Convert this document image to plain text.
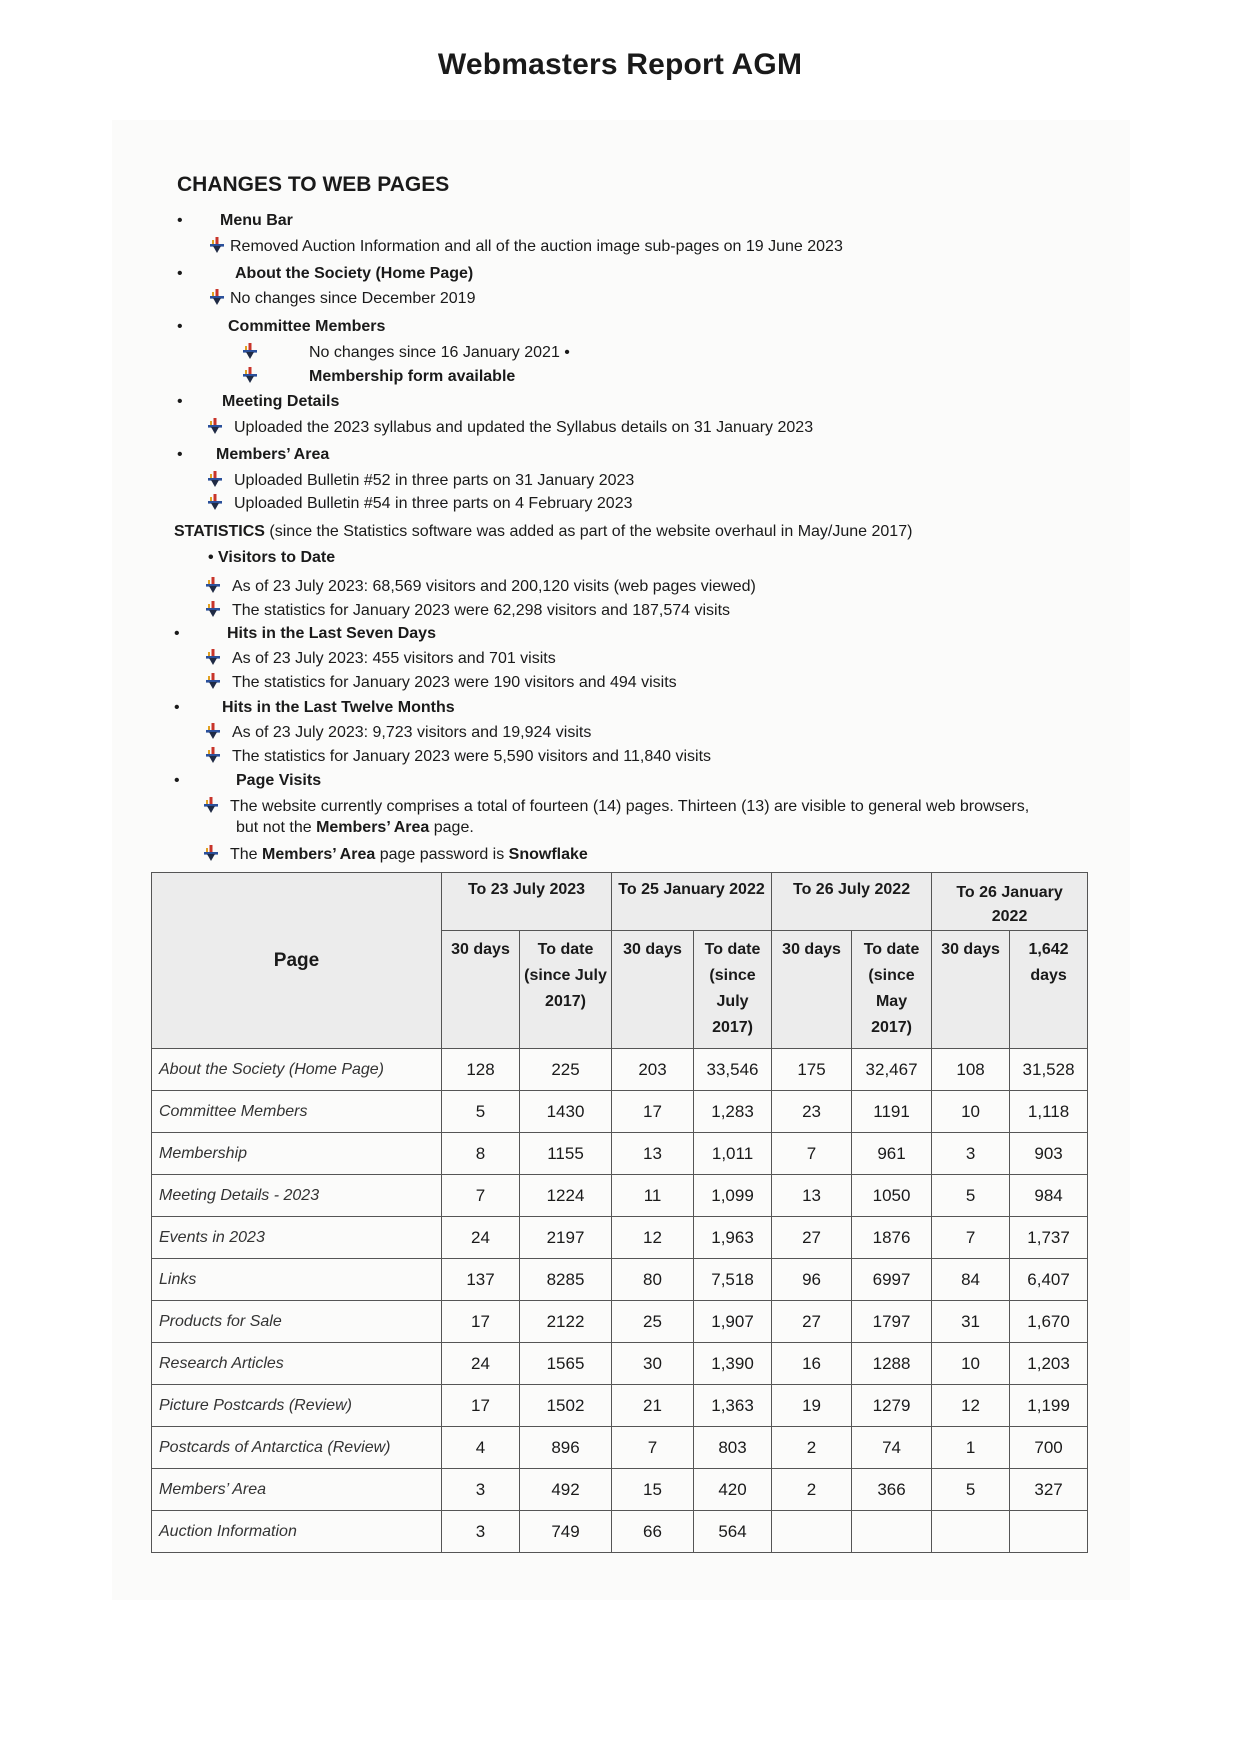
Webmasters Report AGM
CHANGES TO WEB PAGES
• Menu Bar
Removed Auction Information and all of the auction image sub-pages on 19 June 2023
•	About the Society (Home Page)
No changes since December 2019
•	Committee Members
No changes since 16 January 2021 •
Membership form available
• Meeting Details
Uploaded the 2023 syllabus and updated the Syllabus details on 31 January 2023
• Members’ Area
Uploaded Bulletin #52 in three parts on 31 January 2023
Uploaded Bulletin #54 in three parts on 4 February 2023
STATISTICS (since the Statistics software was added as part of the website overhaul in May/June 2017)
• Visitors to Date
As of 23 July 2023: 68,569 visitors and 200,120 visits (web pages viewed)
The statistics for January 2023 were 62,298 visitors and 187,574 visits
•	Hits in the Last Seven Days
As of 23 July 2023: 455 visitors and 701 visits
The statistics for January 2023 were 190 visitors and 494 visits
•	Hits in the Last Twelve Months
As of 23 July 2023: 9,723 visitors and 19,924 visits
The statistics for January 2023 were 5,590 visitors and 11,840 visits
•	Page Visits
The website currently comprises a total of fourteen (14) pages. Thirteen (13) are visible to general web browsers,
but not the Members’ Area page.
The Members’ Area page password is Snowflake
Page	To 23 July 2023		To 25 January 2022		To 26 July 2022		To 26 January 2022	
	30 days	To date (since July 2017)	30 days	To date (since July 2017)	30 days	To date (since May 2017)	30 days	1,642 days
About the Society (Home Page)	128	225	203	33,546	175	32,467	108	31,528
Committee Members	5	1430	17	1,283	23	1191	10	1,118
Membership	8	1155	13	1,011	7	961	3	903
Meeting Details - 2023	7	1224	11	1,099	13	1050	5	984
Events in 2023	24	2197	12	1,963	27	1876	7	1,737
Links	137	8285	80	7,518	96	6997	84	6,407
Products for Sale	17	2122	25	1,907	27	1797	31	1,670
Research Articles	24	1565	30	1,390	16	1288	10	1,203
Picture Postcards (Review)	17	1502	21	1,363	19	1279	12	1,199
Postcards of Antarctica (Review)	4	896	7	803	2	74	1	700
Members’ Area	3	492	15	420	2	366	5	327
Auction Information	3	749	66	564				
